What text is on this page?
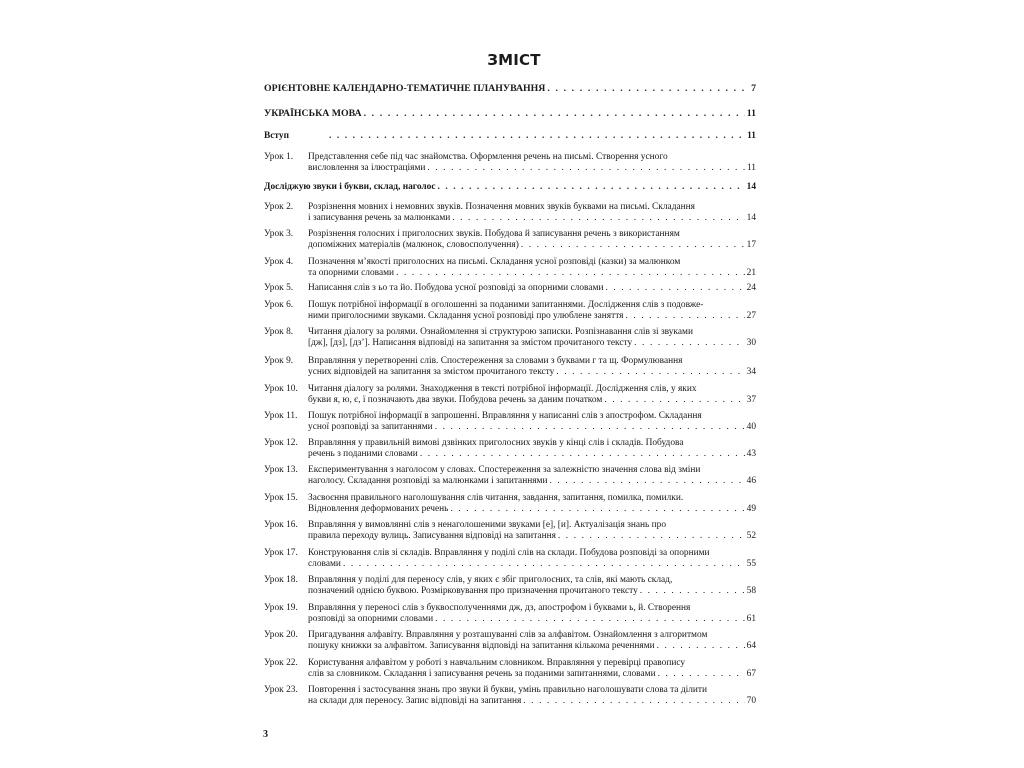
ЗМІСТ
ОРІЄНТОВНЕ КАЛЕНДАРНО-ТЕМАТИЧНЕ ПЛАНУВАННЯ . . .	7
УКРАЇНСЬКА МОВА . . .	11
Вступ . . .	11
Урок 1.	Представлення себе під час знайомства. Оформлення речень на письмі. Створення усного
висловлення за ілюстраціями . . .	11
Досліджую звуки і букви, склад, наголос . . .	14
Урок 2.	Розрізнення мовних і немовних звуків. Позначення мовних звуків буквами на письмі. Складання
і записування речень за малюнками . . .	14
Урок 3.	Розрізнення голосних і приголосних звуків. Побудова й записування речень з використанням
допоміжних матеріалів (малюнок, словосполучення) . . .	17
Урок 4.	Позначення м’якості приголосних на письмі. Складання усної розповіді (казки) за малюнком
та опорними словами . . .	21
Урок 5.	Написання слів з ьо та йо. Побудова усної розповіді за опорними словами . . .	24
Урок 6.	Пошук потрібної інформації в оголошенні за поданими запитаннями. Дослідження слів з подовже-
ними приголосними звуками. Складання усної розповіді про улюблене заняття . . .	27
Урок 8.	Читання діалогу за ролями. Ознайомлення зі структурою записки. Розпізнавання слів зі звуками
[дж], [дз], [дз’]. Написання відповіді на запитання за змістом прочитаного тексту . . .	30
Урок 9.	Вправляння у перетворенні слів. Спостереження за словами з буквами г та щ. Формулювання
усних відповідей на запитання за змістом прочитаного тексту . . .	34
Урок 10.	Читання діалогу за ролями. Знаходження в тексті потрібної інформації. Дослідження слів, у яких
букви я, ю, є, ї позначають два звуки. Побудова речень за даним початком . . .	37
Урок 11.	Пошук потрібної інформації в запрошенні. Вправляння у написанні слів з апострофом. Складання
усної розповіді за запитаннями . . .	40
Урок 12.	Вправляння у правильній вимові дзвінких приголосних звуків у кінці слів і складів. Побудова
речень з поданими словами . . .	43
Урок 13.	Експериментування з наголосом у словах. Спостереження за залежністю значення слова від зміни
наголосу. Складання розповіді за малюнками і запитаннями . . .	46
Урок 15.	Засвоєння правильного наголошування слів читання, завдання, запитання, помилка, помилки.
Відновлення деформованих речень . . .	49
Урок 16.	Вправляння у вимовлянні слів з ненаголошеними звуками [е], [и]. Актуалізація знань про
правила переходу вулиць. Записування відповіді на запитання . . .	52
Урок 17.	Конструювання слів зі складів. Вправляння у поділі слів на склади. Побудова розповіді за опорними
словами . . .	55
Урок 18.	Вправляння у поділі для переносу слів, у яких є збіг приголосних, та слів, які мають склад,
позначений однією буквою. Розмірковування про призначення прочитаного тексту . . .	58
Урок 19.	Вправляння у переносі слів з буквосполученнями дж, дз, апострофом і буквами ь, й. Створення
розповіді за опорними словами . . .	61
Урок 20.	Пригадування алфавіту. Вправляння у розташуванні слів за алфавітом. Ознайомлення з алгоритмом
пошуку книжки за алфавітом. Записування відповіді на запитання кількома реченнями . . .	64
Урок 22.	Користування алфавітом у роботі з навчальним словником. Вправляння у перевірці правопису
слів за словником. Складання і записування речень за поданими запитаннями, словами . . .	67
Урок 23.	Повторення і застосування знань про звуки й букви, умінь правильно наголошувати слова та ділити
на склади для переносу. Запис відповіді на запитання . . .	70
3
